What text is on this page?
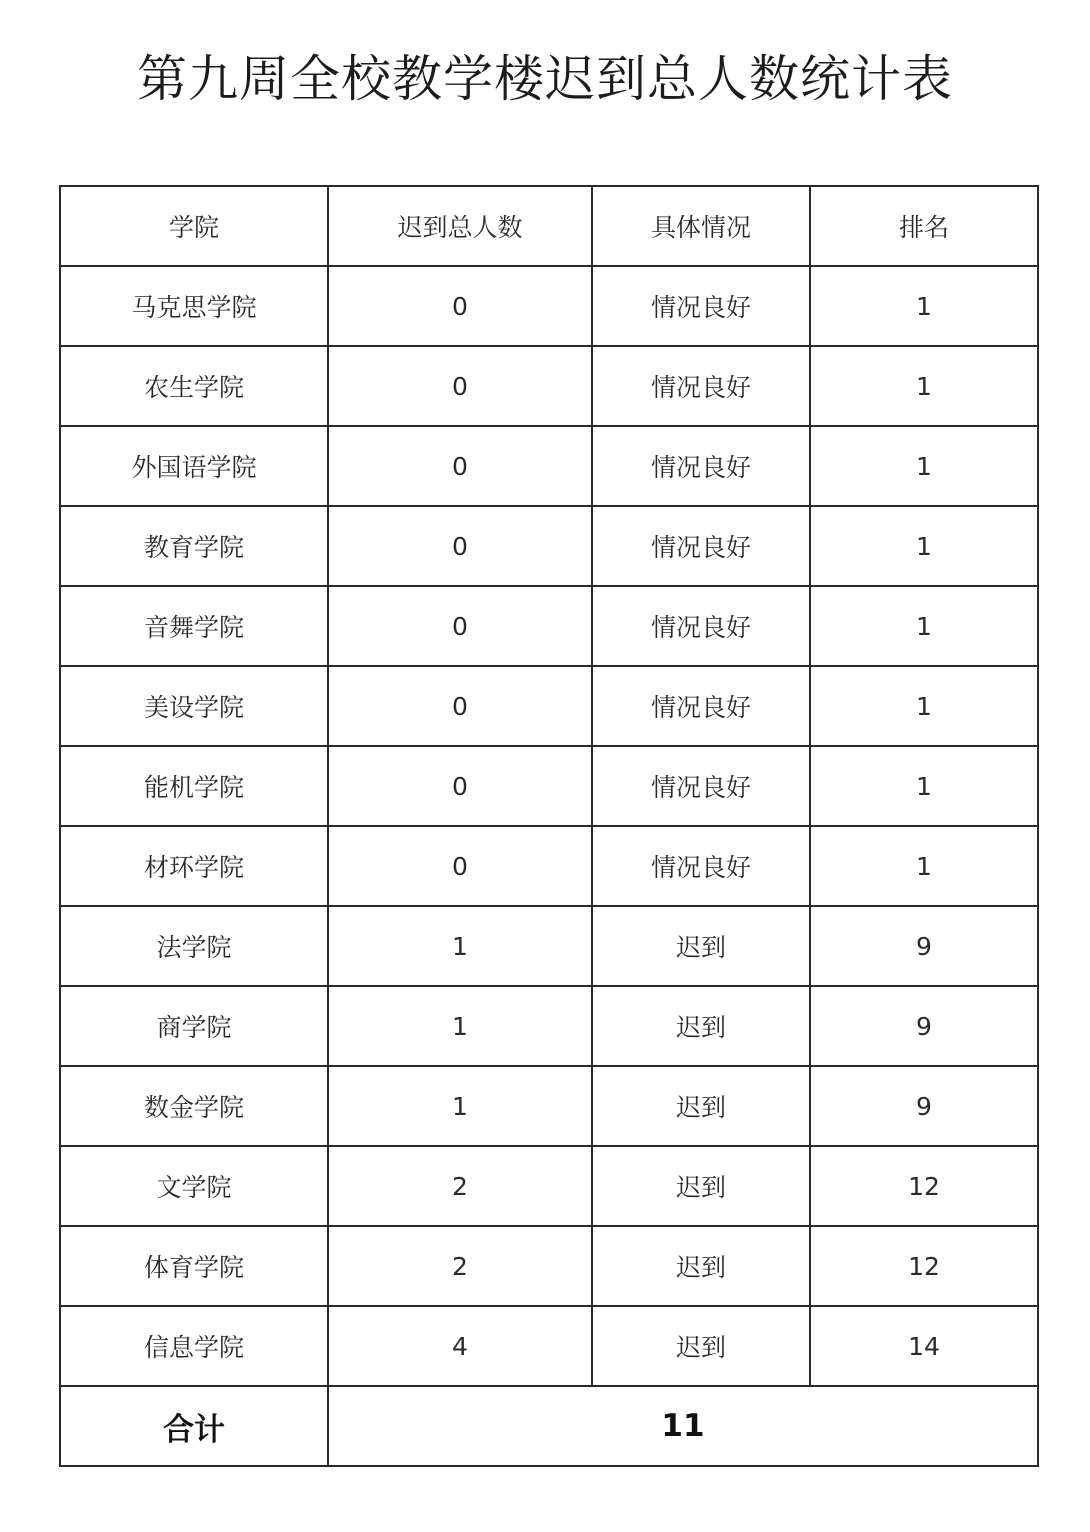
第九周全校教学楼迟到总人数统计表
学院	迟到总人数	具体情况	排名
马克思学院	0	情况良好	1
农生学院	0	情况良好	1
外国语学院	0	情况良好	1
教育学院	0	情况良好	1
音舞学院	0	情况良好	1
美设学院	0	情况良好	1
能机学院	0	情况良好	1
材环学院	0	情况良好	1
法学院	1	迟到	9
商学院	1	迟到	9
数金学院	1	迟到	9
文学院	2	迟到	12
体育学院	2	迟到	12
信息学院	4	迟到	14
合计	11		
